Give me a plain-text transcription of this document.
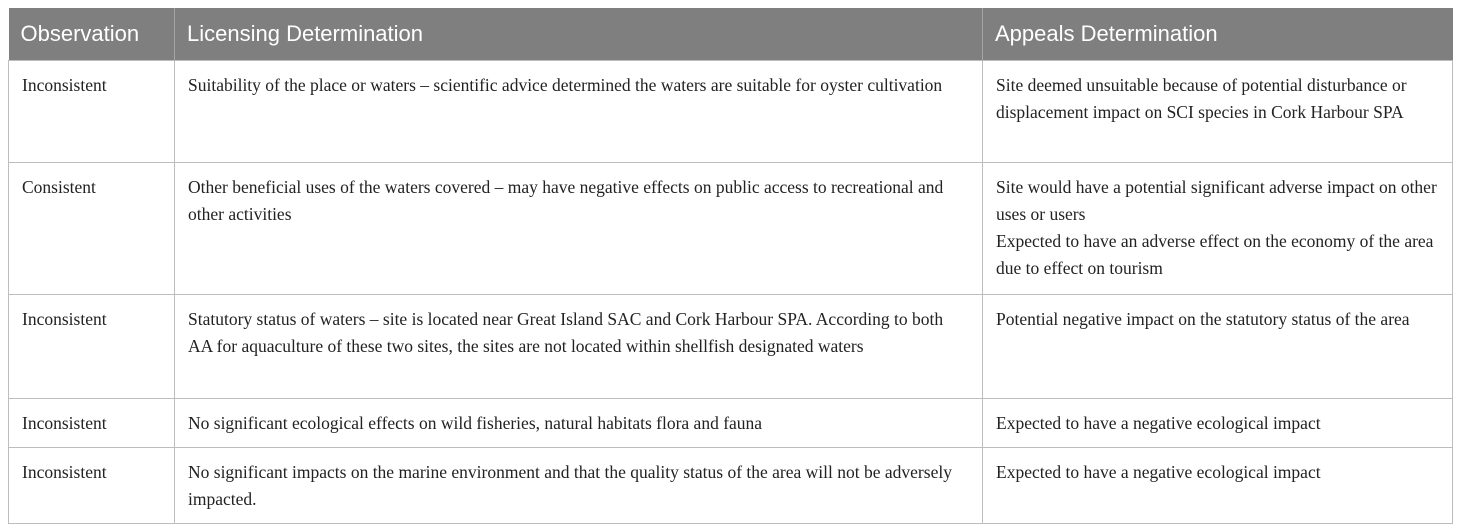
Observation	Licensing Determination	Appeals Determination
Inconsistent	Suitability of the place or waters – scientific advice determined the waters are suitable for oyster cultivation	Site deemed unsuitable because of potential disturbance or displacement impact on SCI species in Cork Harbour SPA

Consistent	Other beneficial uses of the waters covered – may have negative effects on public access to recreational and other activities	Site would have a potential significant adverse impact on other uses or users
Expected to have an adverse effect on the economy of the area due to effect on tourism

Inconsistent	Statutory status of waters – site is located near Great Island SAC and Cork Harbour SPA. According to both AA for aquaculture of these two sites, the sites are not located within shellfish designated waters	Potential negative impact on the statutory status of the area

Inconsistent	No significant ecological effects on wild fisheries, natural habitats flora and fauna	Expected to have a negative ecological impact

Inconsistent	No significant impacts on the marine environment and that the quality status of the area will not be adversely impacted.	Expected to have a negative ecological impact
